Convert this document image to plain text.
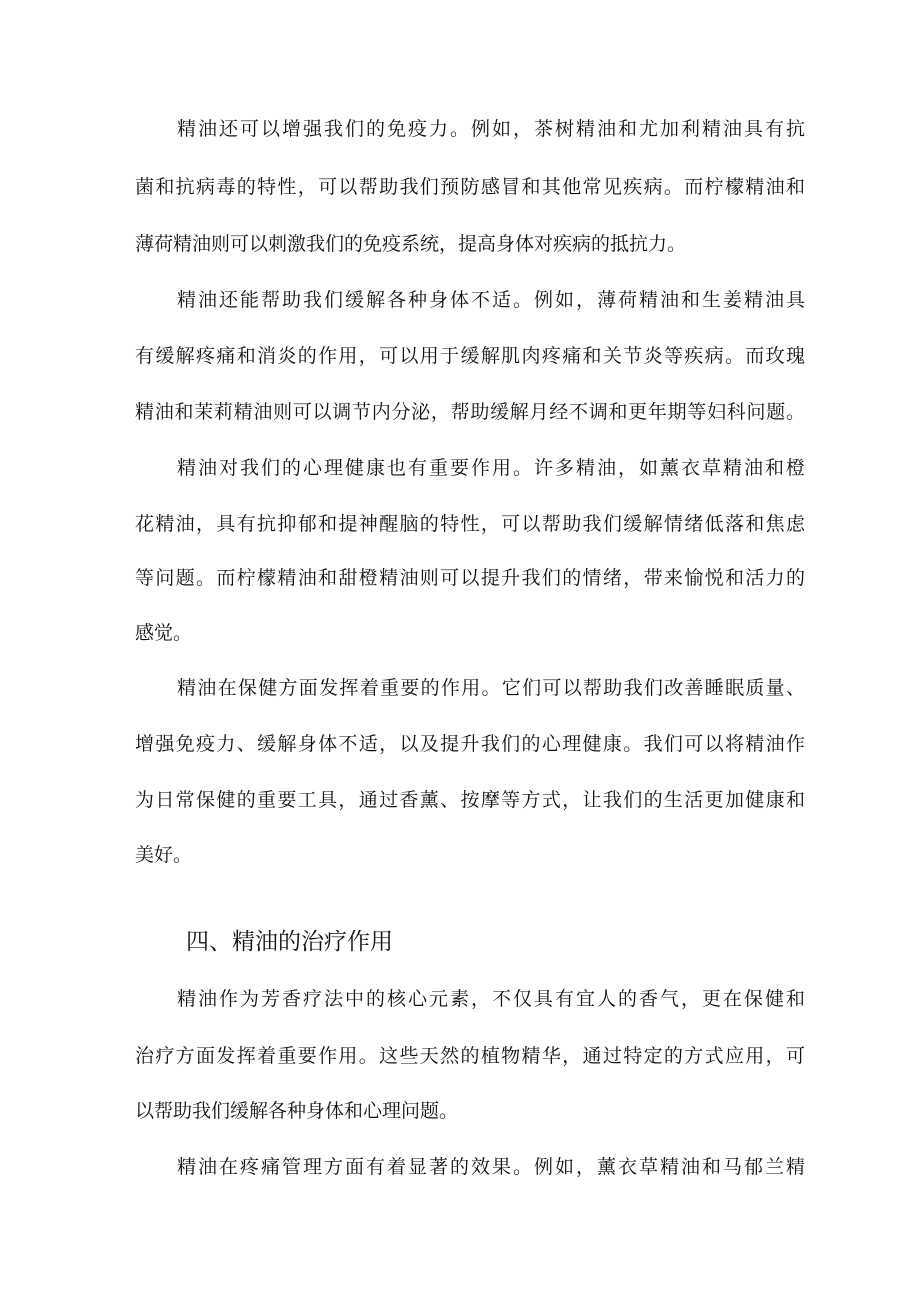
精油还可以增强我们的免疫力。例如，茶树精油和尤加利精油具有抗
菌和抗病毒的特性，可以帮助我们预防感冒和其他常见疾病。而柠檬精油和
薄荷精油则可以刺激我们的免疫系统，提高身体对疾病的抵抗力。
精油还能帮助我们缓解各种身体不适。例如，薄荷精油和生姜精油具
有缓解疼痛和消炎的作用，可以用于缓解肌肉疼痛和关节炎等疾病。而玫瑰
精油和茉莉精油则可以调节内分泌，帮助缓解月经不调和更年期等妇科问题。
精油对我们的心理健康也有重要作用。许多精油，如薰衣草精油和橙
花精油，具有抗抑郁和提神醒脑的特性，可以帮助我们缓解情绪低落和焦虑
等问题。而柠檬精油和甜橙精油则可以提升我们的情绪，带来愉悦和活力的
感觉。
精油在保健方面发挥着重要的作用。它们可以帮助我们改善睡眠质量、
增强免疫力、缓解身体不适，以及提升我们的心理健康。我们可以将精油作
为日常保健的重要工具，通过香薰、按摩等方式，让我们的生活更加健康和
美好。
四、精油的治疗作用
精油作为芳香疗法中的核心元素，不仅具有宜人的香气，更在保健和
治疗方面发挥着重要作用。这些天然的植物精华，通过特定的方式应用，可
以帮助我们缓解各种身体和心理问题。
精油在疼痛管理方面有着显著的效果。例如，薰衣草精油和马郁兰精
